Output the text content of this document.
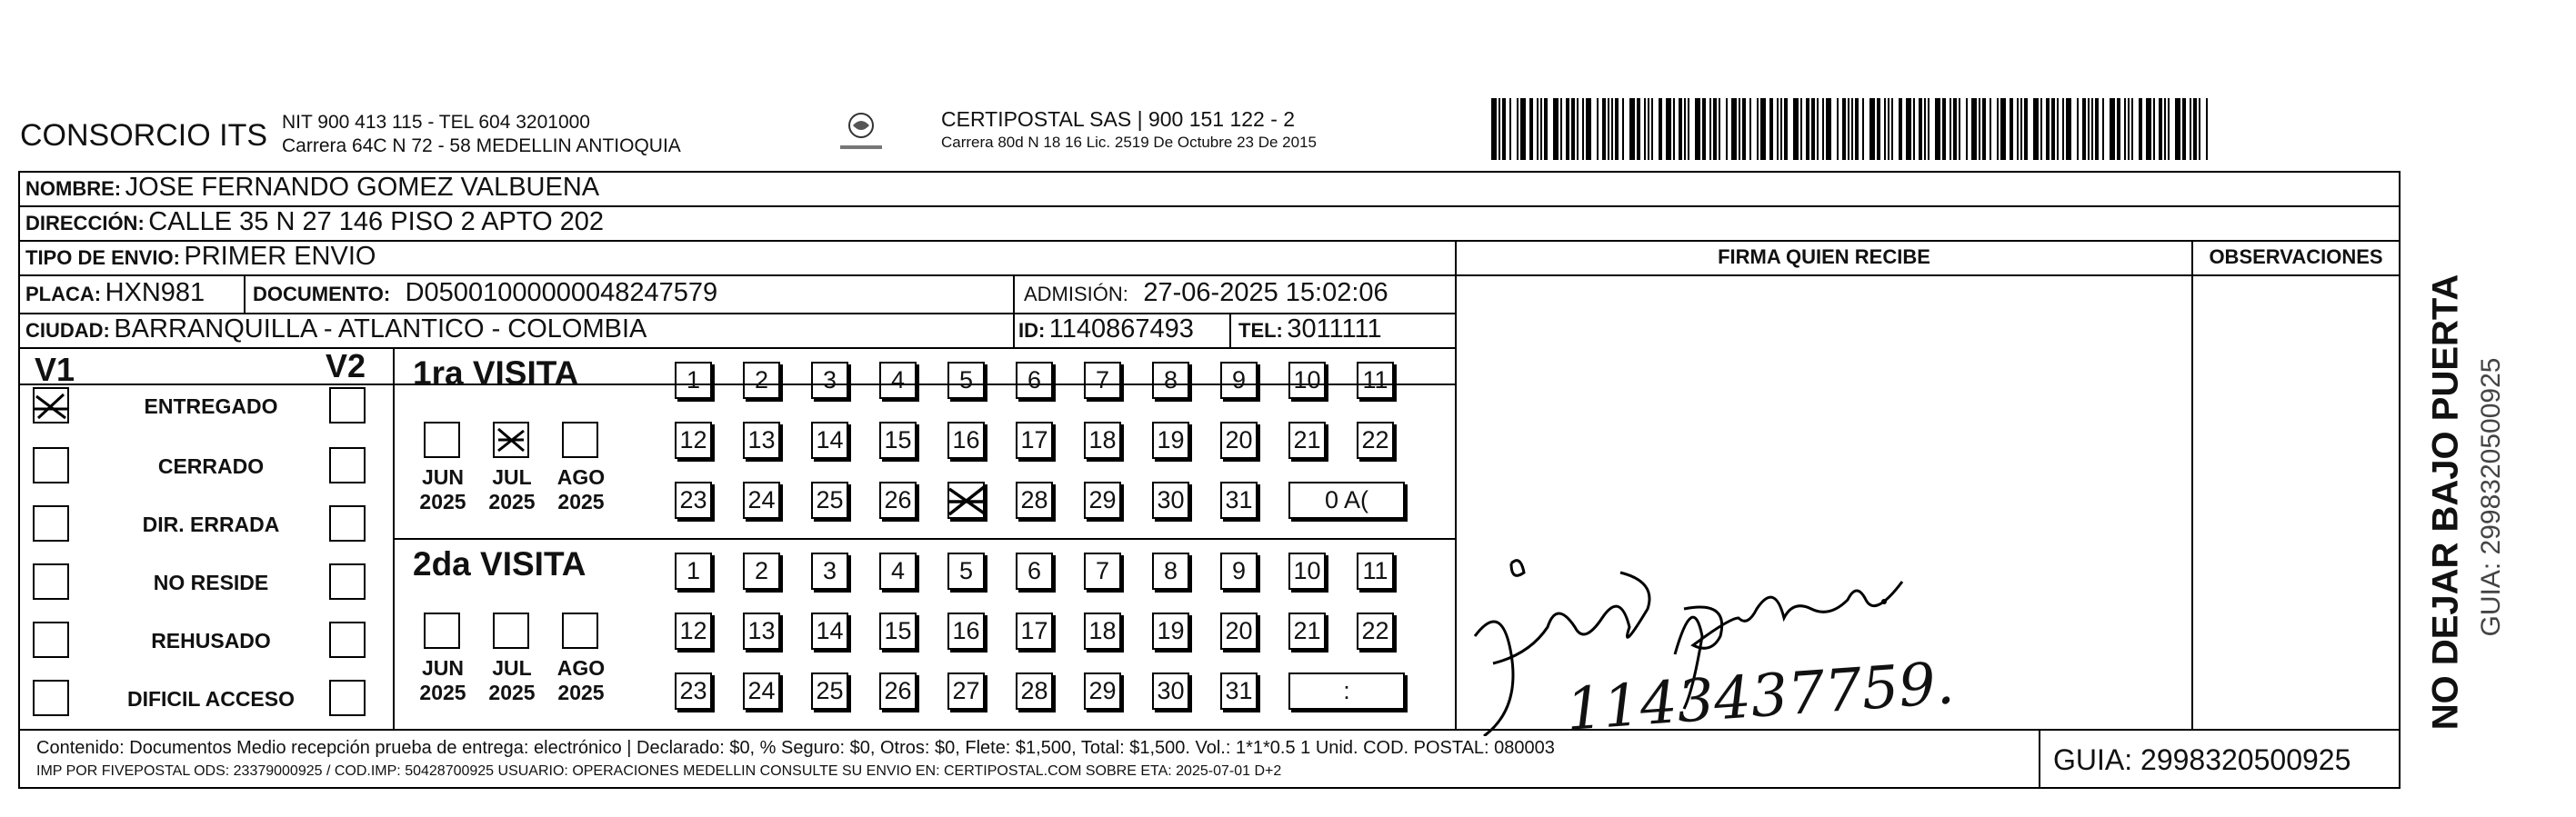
CONSORCIO ITS NIT 900 413 115 - TEL 604 3201000
Carrera 64C N 72 - 58 MEDELLIN ANTIOQUIA
CERTIPOSTAL SAS | 900 151 122 - 2
Carrera 80d N 18 16 Lic. 2519 De Octubre 23 De 2015
NOMBRE: JOSE FERNANDO GOMEZ VALBUENA
DIRECCIÓN: CALLE 35 N 27 146 PISO 2 APTO 202
TIPO DE ENVIO: PRIMER ENVIO
PLACA: HXN981 DOCUMENTO: D05001000000048247579	ADMISIÓN: 27-06-2025 15:02:06
CIUDAD: BARRANQUILLA - ATLANTICO - COLOMBIA	ID: 1140867493 TEL: 3011111
FIRMA QUIEN RECIBE	OBSERVACIONES
V1	V2
ENTREGADO
CERRADO
DIR. ERRADA
NO RESIDE
REHUSADO
DIFICIL ACCESO
1ra VISITA
JUN
2025
JUL
2025
AGO
2025
1	2	3	4	5	6	7	8	9	10 11
12 13 14 15 16 17 18 19 20 21 22
23 24 25 26	28 29 30 31	0 A(
2da VISITA
JUN
2025
JUL
2025
AGO
2025
1	2	3	4	5	6	7	8	9	10 11
12 13 14 15 16 17 18 19 20 21 22
23 24 25 26 27 28 29 30 31	:	1143437759.
Contenido: Documentos Medio recepción prueba de entrega: electrónico | Declarado: $0, % Seguro: $0, Otros: $0, Flete: $1,500, Total: $1,500. Vol.: 1*1*0.5 1 Unid. COD. POSTAL: 080003
IMP POR FIVEPOSTAL ODS: 23379000925 / COD.IMP: 50428700925 USUARIO: OPERACIONES MEDELLIN CONSULTE SU ENVIO EN: CERTIPOSTAL.COM SOBRE ETA: 2025-07-01 D+2	GUIA: 2998320500925
NO DEJAR BAJO PUERTA GUIA: 2998320500925
